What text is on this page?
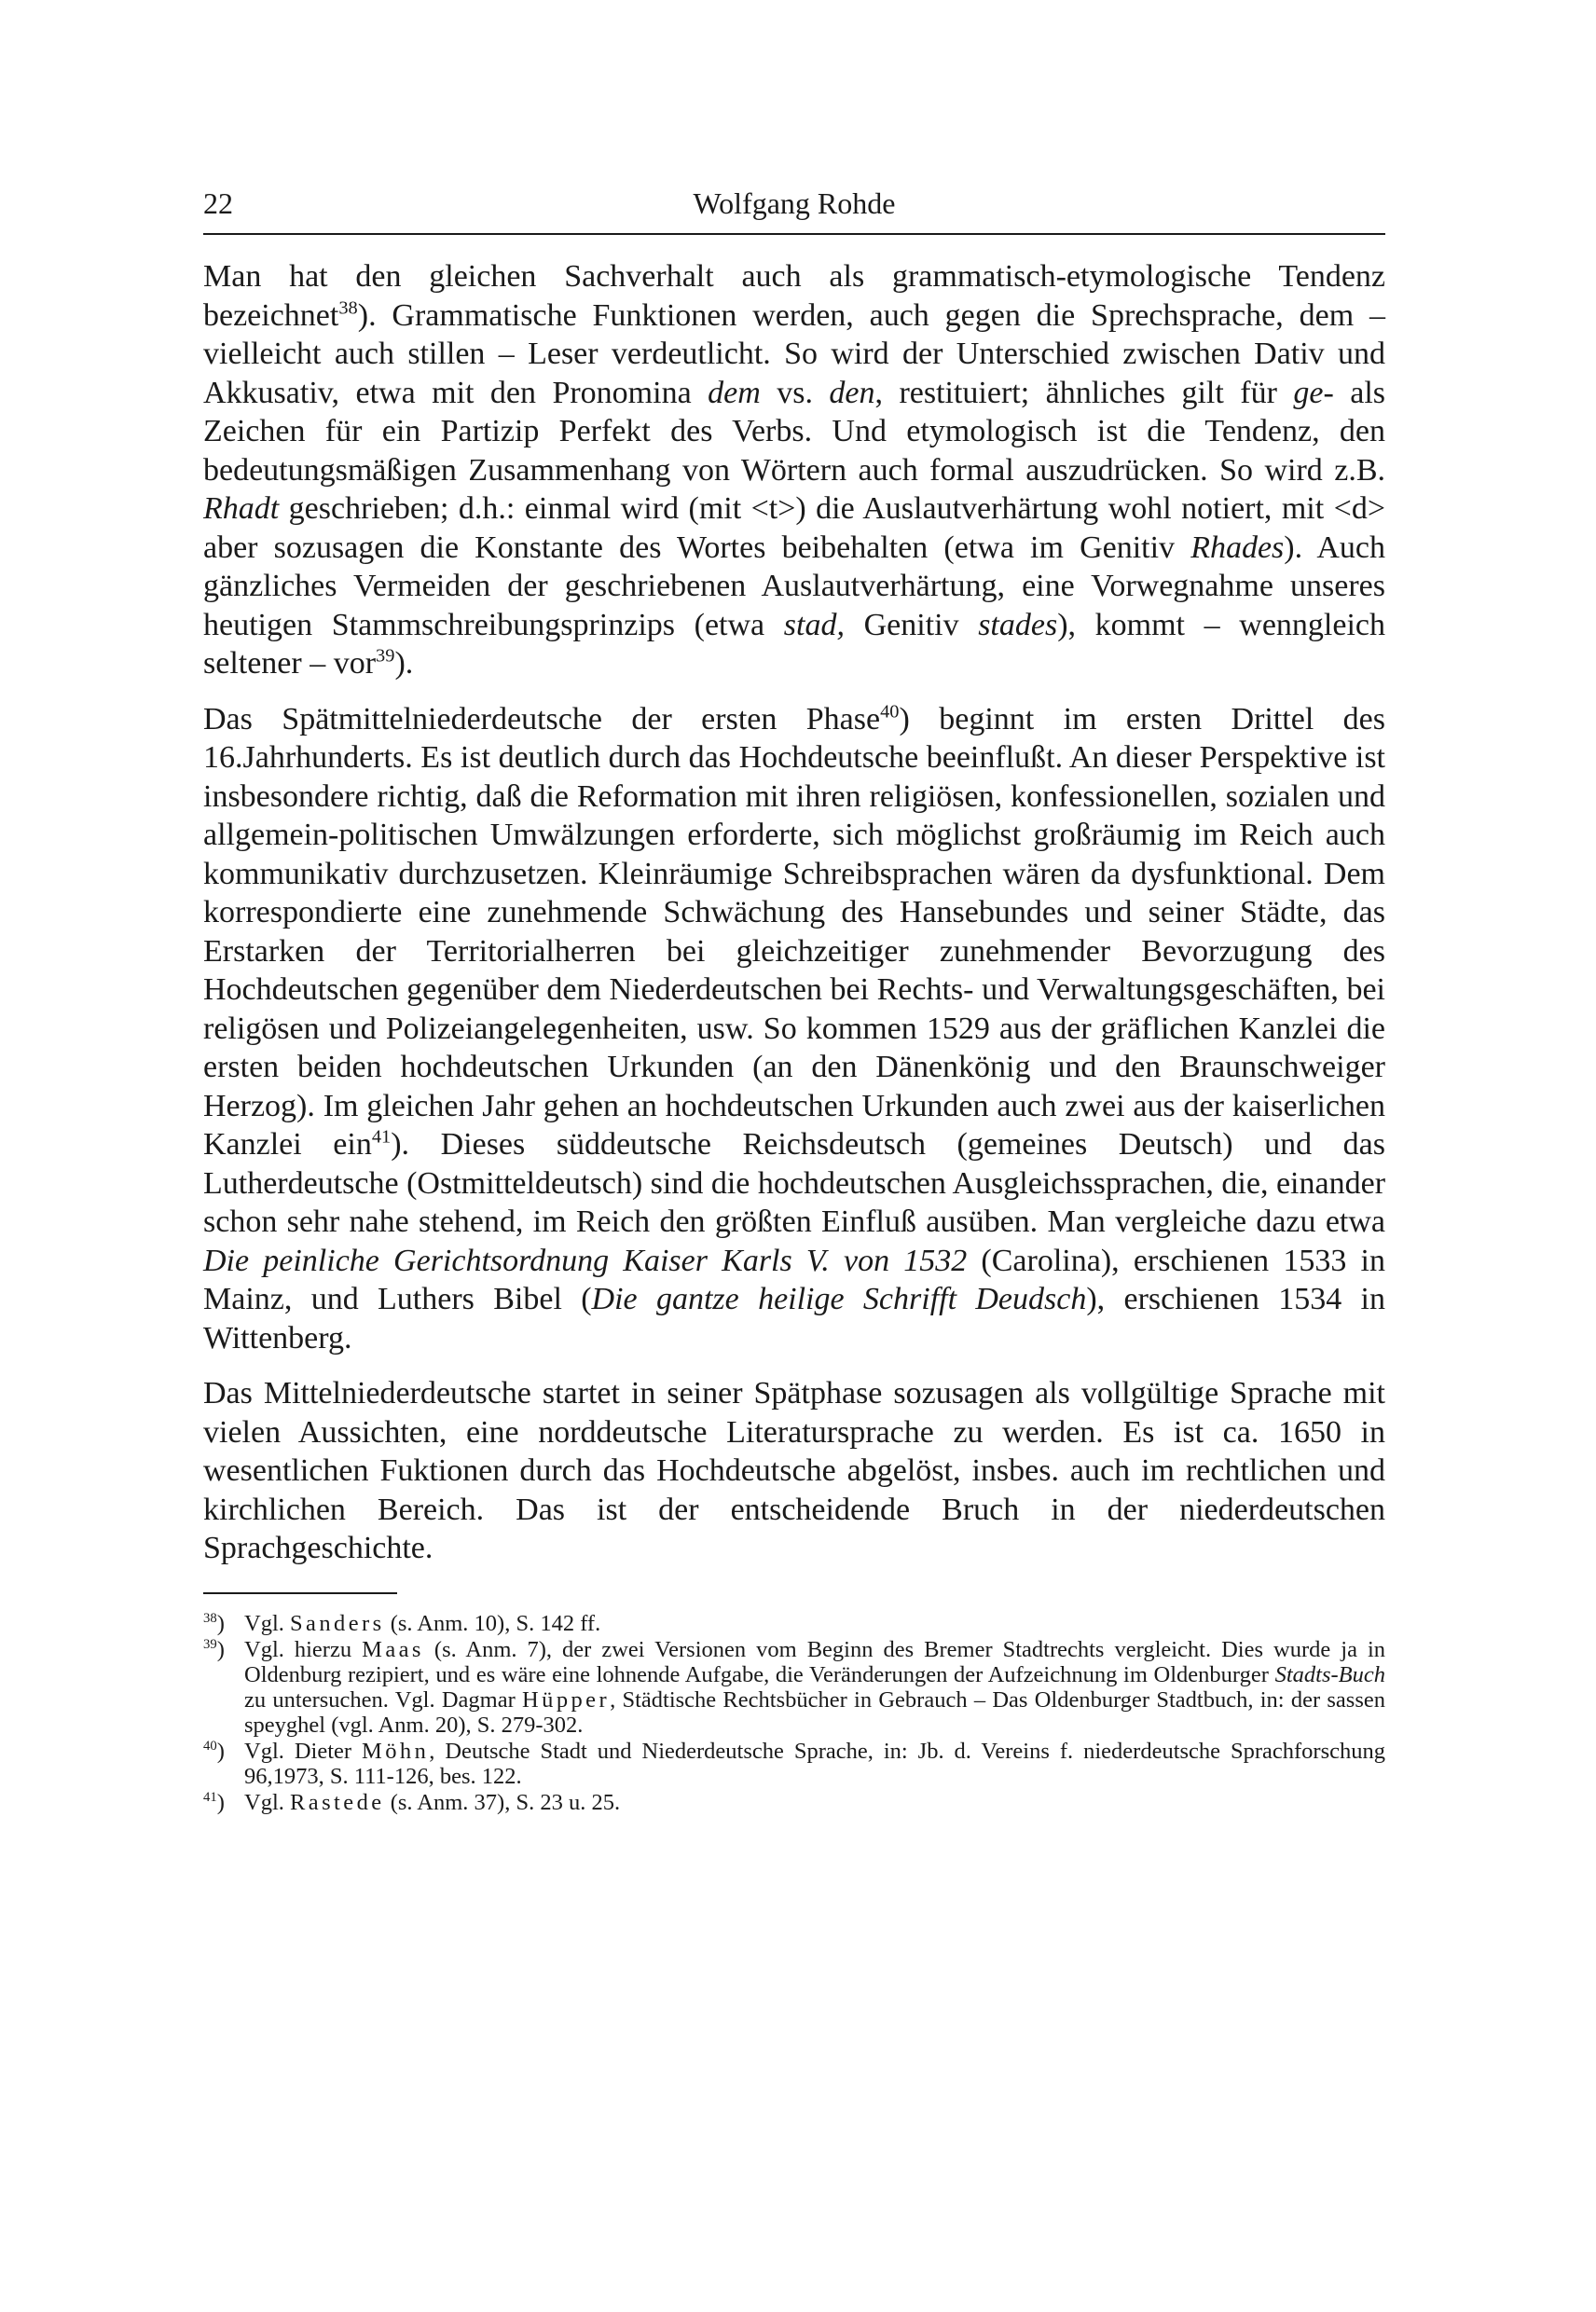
22	Wolfgang Rohde

Man hat den gleichen Sachverhalt auch als grammatisch-etymologische Tendenz bezeichnet$^{38}$). Grammatische Funktionen werden, auch gegen die Sprechsprache, dem – vielleicht auch stillen – Leser verdeutlicht. So wird der Unterschied zwischen Dativ und Akkusativ, etwa mit den Pronomina dem vs. den, restituiert; ähnliches gilt für ge- als Zeichen für ein Partizip Perfekt des Verbs. Und etymologisch ist die Tendenz, den bedeutungsmäßigen Zusammenhang von Wörtern auch formal auszudrücken. So wird z.B. Rhadt geschrieben; d.h.: einmal wird (mit <t>) die Auslautverhärtung wohl notiert, mit <d> aber sozusagen die Konstante des Wortes beibehalten (etwa im Genitiv Rhades). Auch gänzliches Vermeiden der geschriebenen Auslautverhärtung, eine Vorwegnahme unseres heutigen Stammschreibungsprinzips (etwa stad, Genitiv stades), kommt – wenngleich seltener – vor$^{39}$).

Das Spätmittelniederdeutsche der ersten Phase$^{40}$) beginnt im ersten Drittel des 16.Jahrhunderts. Es ist deutlich durch das Hochdeutsche beeinflußt. An dieser Perspektive ist insbesondere richtig, daß die Reformation mit ihren religiösen, konfessionellen, sozialen und allgemein-politischen Umwälzungen erforderte, sich möglichst großräumig im Reich auch kommunikativ durchzusetzen. Kleinräumige Schreibsprachen wären da dysfunktional. Dem korrespondierte eine zunehmende Schwächung des Hansebundes und seiner Städte, das Erstarken der Territorialherren bei gleichzeitiger zunehmender Bevorzugung des Hochdeutschen gegenüber dem Niederdeutschen bei Rechts- und Verwaltungsgeschäften, bei religösen und Polizeiangelegenheiten, usw. So kommen 1529 aus der gräflichen Kanzlei die ersten beiden hochdeutschen Urkunden (an den Dänenkönig und den Braunschweiger Herzog). Im gleichen Jahr gehen an hochdeutschen Urkunden auch zwei aus der kaiserlichen Kanzlei ein$^{41}$). Dieses süddeutsche Reichsdeutsch (gemeines Deutsch) und das Lutherdeutsche (Ostmitteldeutsch) sind die hochdeutschen Ausgleichssprachen, die, einander schon sehr nahe stehend, im Reich den größten Einfluß ausüben. Man vergleiche dazu etwa Die peinliche Gerichtsordnung Kaiser Karls V. von 1532 (Carolina), erschienen 1533 in Mainz, und Luthers Bibel (Die gantze heilige Schrifft Deudsch), erschienen 1534 in Wittenberg.

Das Mittelniederdeutsche startet in seiner Spätphase sozusagen als vollgültige Sprache mit vielen Aussichten, eine norddeutsche Literatursprache zu werden. Es ist ca. 1650 in wesentlichen Fuktionen durch das Hochdeutsche abgelöst, insbes. auch im rechtlichen und kirchlichen Bereich. Das ist der entscheidende Bruch in der niederdeutschen Sprachgeschichte.

$^{38}$) Vgl. Sanders (s. Anm. 10), S. 142 ff.
$^{39}$) Vgl. hierzu Maas (s. Anm. 7), der zwei Versionen vom Beginn des Bremer Stadtrechts vergleicht. Dies wurde ja in Oldenburg rezipiert, und es wäre eine lohnende Aufgabe, die Veränderungen der Aufzeichnung im Oldenburger Stadts-Buch zu untersuchen. Vgl. Dagmar Hüpper, Städtische Rechtsbücher in Gebrauch – Das Oldenburger Stadtbuch, in: der sassen speyghel (vgl. Anm. 20), S. 279-302.
$^{40}$) Vgl. Dieter Möhn, Deutsche Stadt und Niederdeutsche Sprache, in: Jb. d. Vereins f. niederdeutsche Sprachforschung 96,1973, S. 111-126, bes. 122.
$^{41}$) Vgl. Rastede (s. Anm. 37), S. 23 u. 25.
